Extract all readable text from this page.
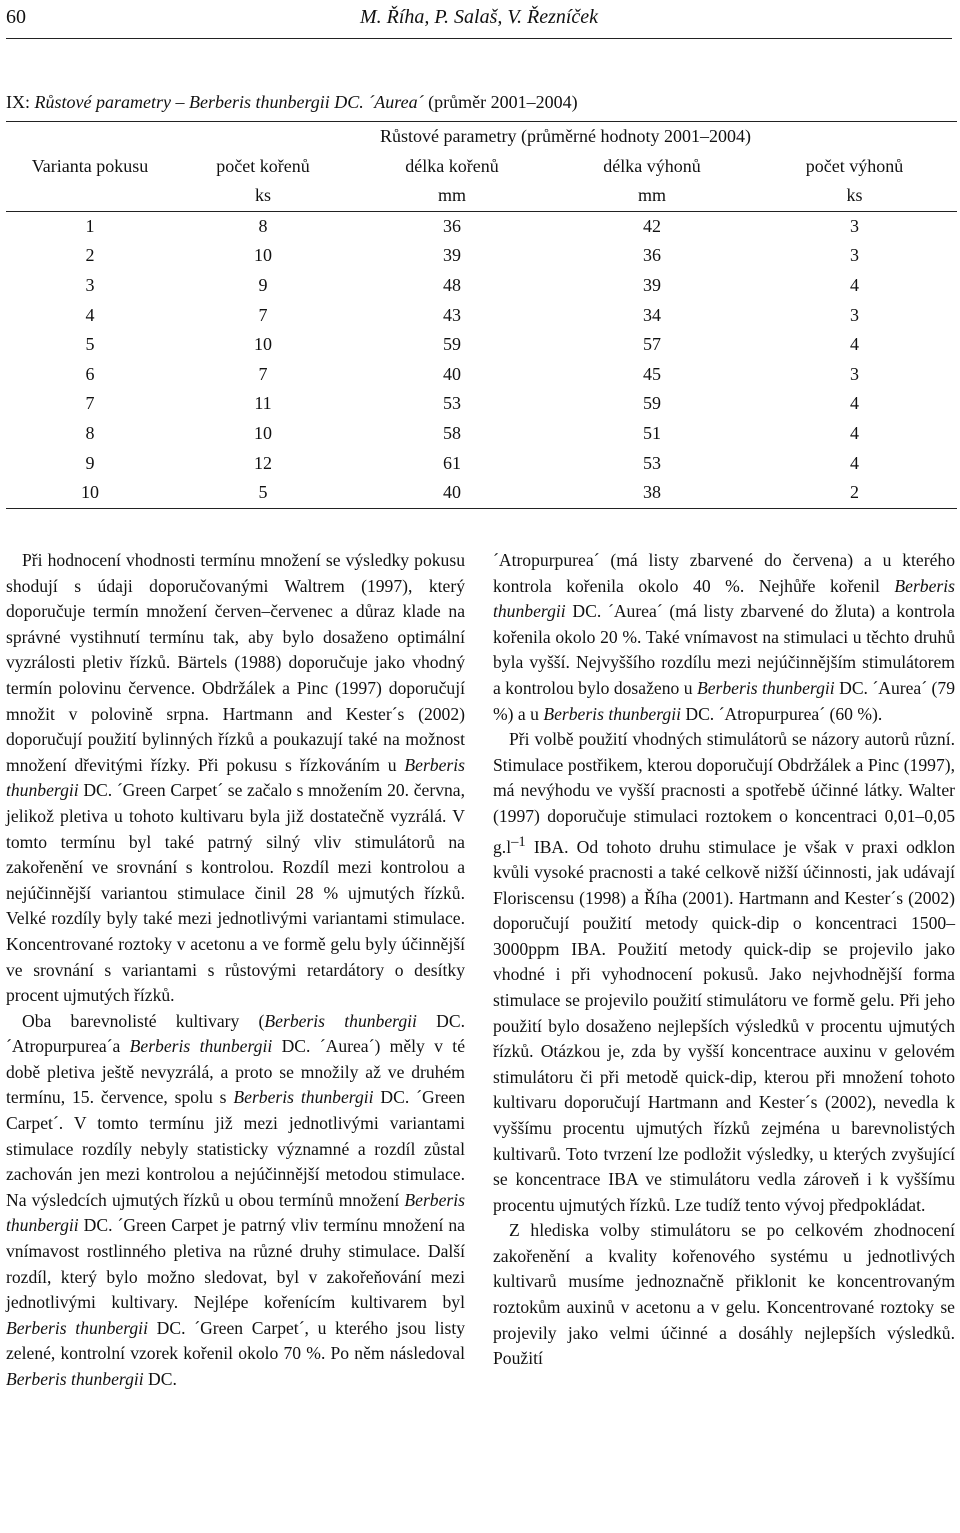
60	M. Říha, P. Salaš, V. Řezníček
IX: Růstové parametry – Berberis thunbergii DC. ´Aurea´ (průměr 2001–2004)
	Růstové parametry (průměrné hodnoty 2001–2004)			
Varianta pokusu	počet kořenů	délka kořenů	délka výhonů	počet výhonů
	ks	mm	mm	ks
1	8	36	42	3
2	10	39	36	3
3	9	48	39	4
4	7	43	34	3
5	10	59	57	4
6	7	40	45	3
7	11	53	59	4
8	10	58	51	4
9	12	61	53	4
10	5	40	38	2

Při hodnocení vhodnosti termínu množení se výsledky pokusu shodují s údaji doporučovanými Waltrem (1997), který doporučuje termín množení červen–červenec a důraz klade na správné vystihnutí termínu tak, aby bylo dosaženo optimální vyzrálosti pletiv řízků. Bärtels (1988) doporučuje jako vhodný termín polovinu července. Obdržálek a Pinc (1997) doporučují množit v polovině srpna. Hartmann and Kester´s (2002) doporučují použití bylinných řízků a poukazují také na možnost množení dřevitými řízky. Při pokusu s řízkováním u Berberis thunbergii DC. ´Green Carpet´ se začalo s množením 20. června, jelikož pletiva u tohoto kultivaru byla již dostatečně vyzrálá. V tomto termínu byl také patrný silný vliv stimulátorů na zakořenění ve srovnání s kontrolou. Rozdíl mezi kontrolou a nejúčinnější variantou stimulace činil 28 % ujmutých řízků. Velké rozdíly byly také mezi jednotlivými variantami stimulace. Koncentrované roztoky v acetonu a ve formě gelu byly účinnější ve srovnání s variantami s růstovými retardátory o desítky procent ujmutých řízků.

Oba barevnolisté kultivary (Berberis thunbergii DC. ´Atropurpurea´a Berberis thunbergii DC. ´Aurea´) měly v té době pletiva ještě nevyzrálá, a proto se množily až ve druhém termínu, 15. července, spolu s Berberis thunbergii DC. ´Green Carpet´. V tomto termínu již mezi jednotlivými variantami stimulace rozdíly nebyly statisticky významné a rozdíl zůstal zachován jen mezi kontrolou a nejúčinnější metodou stimulace. Na výsledcích ujmutých řízků u obou termínů množení Berberis thunbergii DC. ´Green Carpet je patrný vliv termínu množení na vnímavost rostlinného pletiva na různé druhy stimulace. Další rozdíl, který bylo možno sledovat, byl v zakořeňování mezi jednotlivými kultivary. Nejlépe kořenícím kultivarem byl Berberis thunbergii DC. ´Green Carpet´, u kterého jsou listy zelené, kontrolní vzorek kořenil okolo 70 %. Po něm následoval Berberis thunbergii DC.

´Atropurpurea´ (má listy zbarvené do červena) a u kterého kontrola kořenila okolo 40 %. Nejhůře kořenil Berberis thunbergii DC. ´Aurea´ (má listy zbarvené do žluta) a kontrola kořenila okolo 20 %. Také vnímavost na stimulaci u těchto druhů byla vyšší. Nejvyššího rozdílu mezi nejúčinnějším stimulátorem a kontrolou bylo dosaženo u Berberis thunbergii DC. ´Aurea´ (79 %) a u Berberis thunbergii DC. ´Atropurpurea´ (60 %).

Při volbě použití vhodných stimulátorů se názory autorů různí. Stimulace postřikem, kterou doporučují Obdržálek a Pinc (1997), má nevýhodu ve vyšší pracnosti a spotřebě účinné látky. Walter (1997) doporučuje stimulaci roztokem o koncentraci 0,01–0,05 $g.l^{-1}$ IBA. Od tohoto druhu stimulace je však v praxi odklon kvůli vysoké pracnosti a také celkově nižší účinnosti, jak udávají Floriscensu (1998) a Říha (2001). Hartmann and Kester´s (2002) doporučují použití metody quick-dip o koncentraci 1500–3000ppm IBA. Použití metody quick-dip se projevilo jako vhodné i při vyhodnocení pokusů. Jako nejvhodnější forma stimulace se projevilo použití stimulátoru ve formě gelu. Při jeho použití bylo dosaženo nejlepších výsledků v procentu ujmutých řízků. Otázkou je, zda by vyšší koncentrace auxinu v gelovém stimulátoru či při metodě quick-dip, kterou při množení tohoto kultivaru doporučují Hartmann and Kester´s (2002), nevedla k vyššímu procentu ujmutých řízků zejména u barevnolistých kultivarů. Toto tvrzení lze podložit výsledky, u kterých zvyšující se koncentrace IBA ve stimulátoru vedla zároveň i k vyššímu procentu ujmutých řízků. Lze tudíž tento vývoj předpokládat.

Z hlediska volby stimulátoru se po celkovém zhodnocení zakořenění a kvality kořenového systému u jednotlivých kultivarů musíme jednoznačně přiklonit ke koncentrovaným roztokům auxinů v acetonu a v gelu. Koncentrované roztoky se projevily jako velmi účinné a dosáhly nejlepších výsledků. Použití
